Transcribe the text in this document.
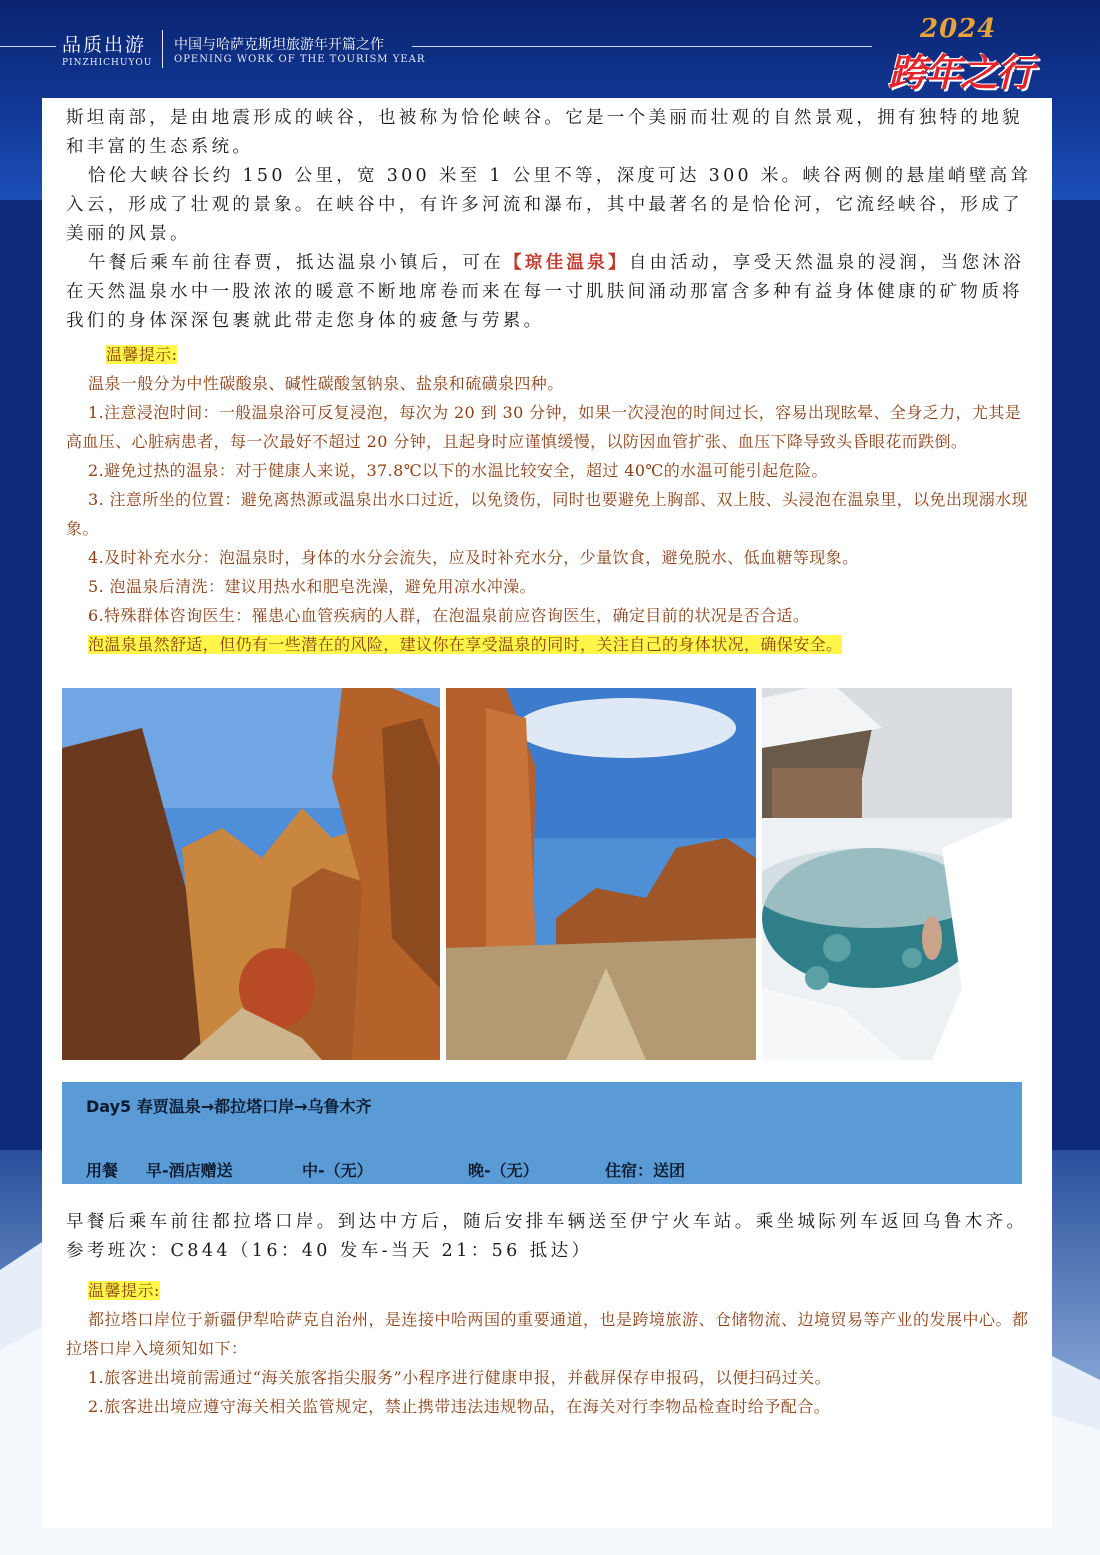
品质出游
PINZHICHUYOU
中国与哈萨克斯坦旅游年开篇之作
OPENING WORK OF THE TOURISM YEAR
2024
跨年之行
斯坦南部，是由地震形成的峡谷，也被称为恰伦峡谷。它是一个美丽而壮观的自然景观，拥有独特的地貌和丰富的生态系统。
恰伦大峡谷长约 150 公里，宽 300 米至 1 公里不等，深度可达 300 米。峡谷两侧的悬崖峭壁高耸入云，形成了壮观的景象。在峡谷中，有许多河流和瀑布，其中最著名的是恰伦河，它流经峡谷，形成了美丽的风景。
午餐后乘车前往春贾，抵达温泉小镇后，可在【琼佳温泉】自由活动，享受天然温泉的浸润，当您沐浴在天然温泉水中一股浓浓的暖意不断地席卷而来在每一寸肌肤间涌动那富含多种有益身体健康的矿物质将我们的身体深深包裹就此带走您身体的疲惫与劳累。
温馨提示:
温泉一般分为中性碳酸泉、碱性碳酸氢钠泉、盐泉和硫磺泉四种。
1.注意浸泡时间：一般温泉浴可反复浸泡，每次为 20 到 30 分钟，如果一次浸泡的时间过长，容易出现眩晕、全身乏力，尤其是高血压、心脏病患者，每一次最好不超过 20 分钟，且起身时应谨慎缓慢，以防因血管扩张、血压下降导致头昏眼花而跌倒。
2.避免过热的温泉：对于健康人来说，37.8℃以下的水温比较安全，超过 40℃的水温可能引起危险。
3. 注意所坐的位置：避免离热源或温泉出水口过近，以免烫伤，同时也要避免上胸部、双上肢、头浸泡在温泉里，以免出现溺水现象。
4.及时补充水分：泡温泉时，身体的水分会流失，应及时补充水分，少量饮食，避免脱水、低血糖等现象。
5. 泡温泉后清洗：建议用热水和肥皂洗澡，避免用凉水冲澡。
6.特殊群体咨询医生：罹患心血管疾病的人群，在泡温泉前应咨询医生，确定目前的状况是否合适。
泡温泉虽然舒适，但仍有一些潜在的风险，建议你在享受温泉的同时，关注自己的身体状况，确保安全。
Day5 春贾温泉→都拉塔口岸→乌鲁木齐
用餐 早-酒店赠送	中-（无）	晚-（无）	住宿：送团
早餐后乘车前往都拉塔口岸。到达中方后，随后安排车辆送至伊宁火车站。乘坐城际列车返回乌鲁木齐。参考班次：C844（16：40 发车-当天 21：56 抵达）
温馨提示:
都拉塔口岸位于新疆伊犁哈萨克自治州，是连接中哈两国的重要通道，也是跨境旅游、仓储物流、边境贸易等产业的发展中心。都拉塔口岸入境须知如下：
1.旅客进出境前需通过“海关旅客指尖服务”小程序进行健康申报，并截屏保存申报码，以便扫码过关。
2.旅客进出境应遵守海关相关监管规定，禁止携带违法违规物品，在海关对行李物品检查时给予配合。
